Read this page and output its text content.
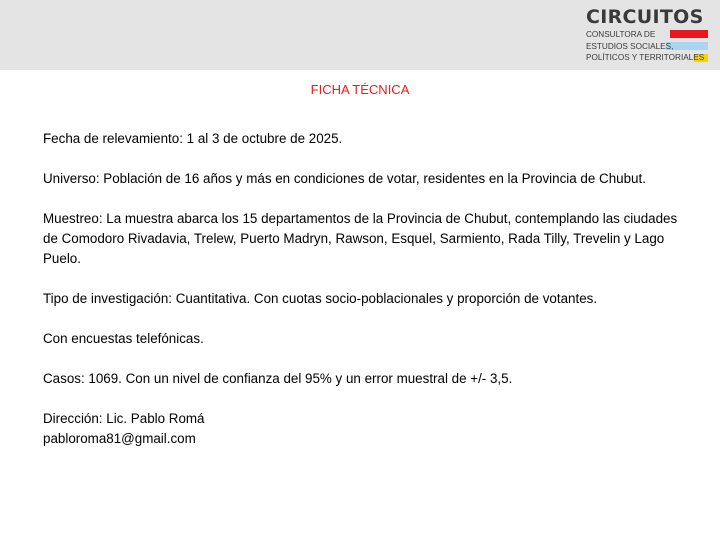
CIRCUITOS
CONSULTORA DE
ESTUDIOS SOCIALES,
POLÍTICOS Y TERRITORIALES
FICHA TÉCNICA

Fecha de relevamiento: 1 al 3 de octubre de 2025.

Universo: Población de 16 años y más en condiciones de votar, residentes en la Provincia de Chubut.

Muestreo: La muestra abarca los 15 departamentos de la Provincia de Chubut, contemplando las ciudades de Comodoro Rivadavia, Trelew, Puerto Madryn, Rawson, Esquel, Sarmiento, Rada Tilly, Trevelin y Lago Puelo.

Tipo de investigación: Cuantitativa. Con cuotas socio-poblacionales y proporción de votantes.

Con encuestas telefónicas.

Casos: 1069. Con un nivel de confianza del 95% y un error muestral de +/- 3,5.

Dirección: Lic. Pablo Romá
pabloroma81@gmail.com
